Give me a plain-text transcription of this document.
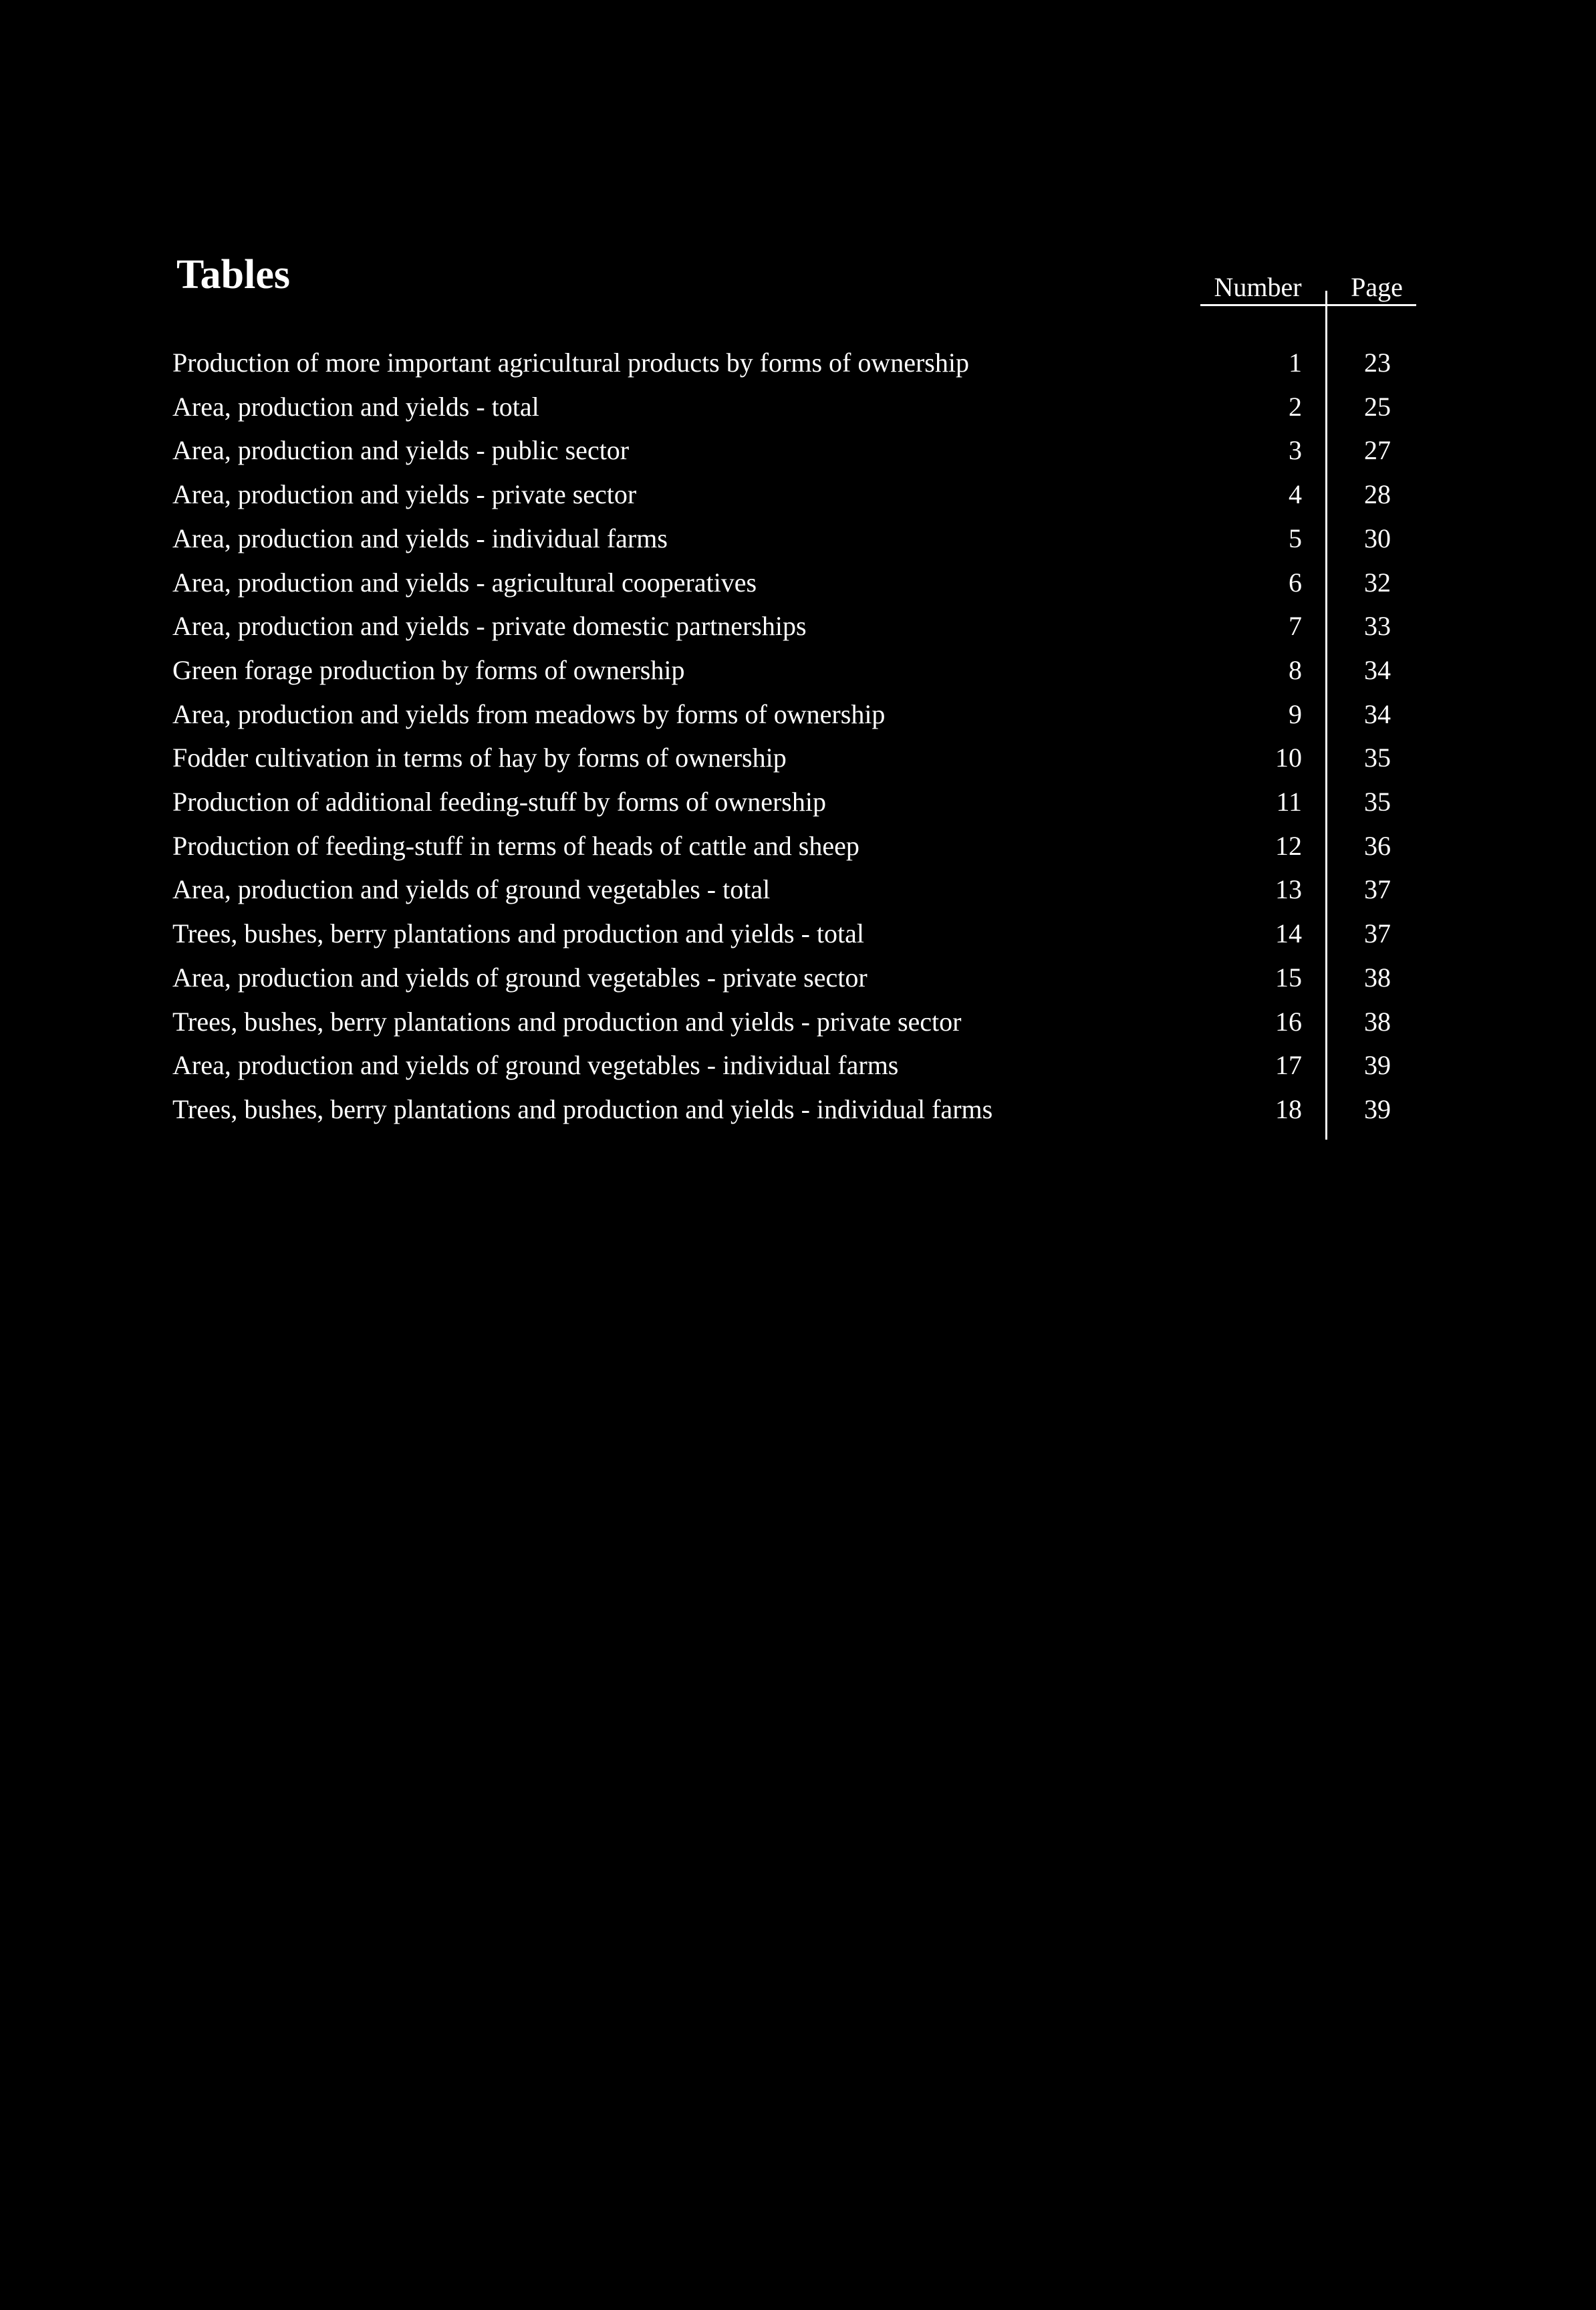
Tables	Number	Page
Production of more important agricultural products by forms of ownership	1 23
Area, production and yields - total	2 25
Area, production and yields - public sector	3 27
Area, production and yields - private sector	4 28
Area, production and yields - individual farms	5 30
Area, production and yields - agricultural cooperatives	6 32
Area, production and yields - private domestic partnerships	7 33
Green forage production by forms of ownership	8 34
Area, production and yields from meadows by forms of ownership	9 34
Fodder cultivation in terms of hay by forms of ownership	10 35
Production of additional feeding-stuff by forms of ownership	11 35
Production of feeding-stuff in terms of heads of cattle and sheep	12 36
Area, production and yields of ground vegetables - total	13 37
Trees, bushes, berry plantations and production and yields - total	14 37
Area, production and yields of ground vegetables - private sector	15 38
Trees, bushes, berry plantations and production and yields - private sector	16 38
Area, production and yields of ground vegetables - individual farms	17 39
Trees, bushes, berry plantations and production and yields - individual farms	18 39
